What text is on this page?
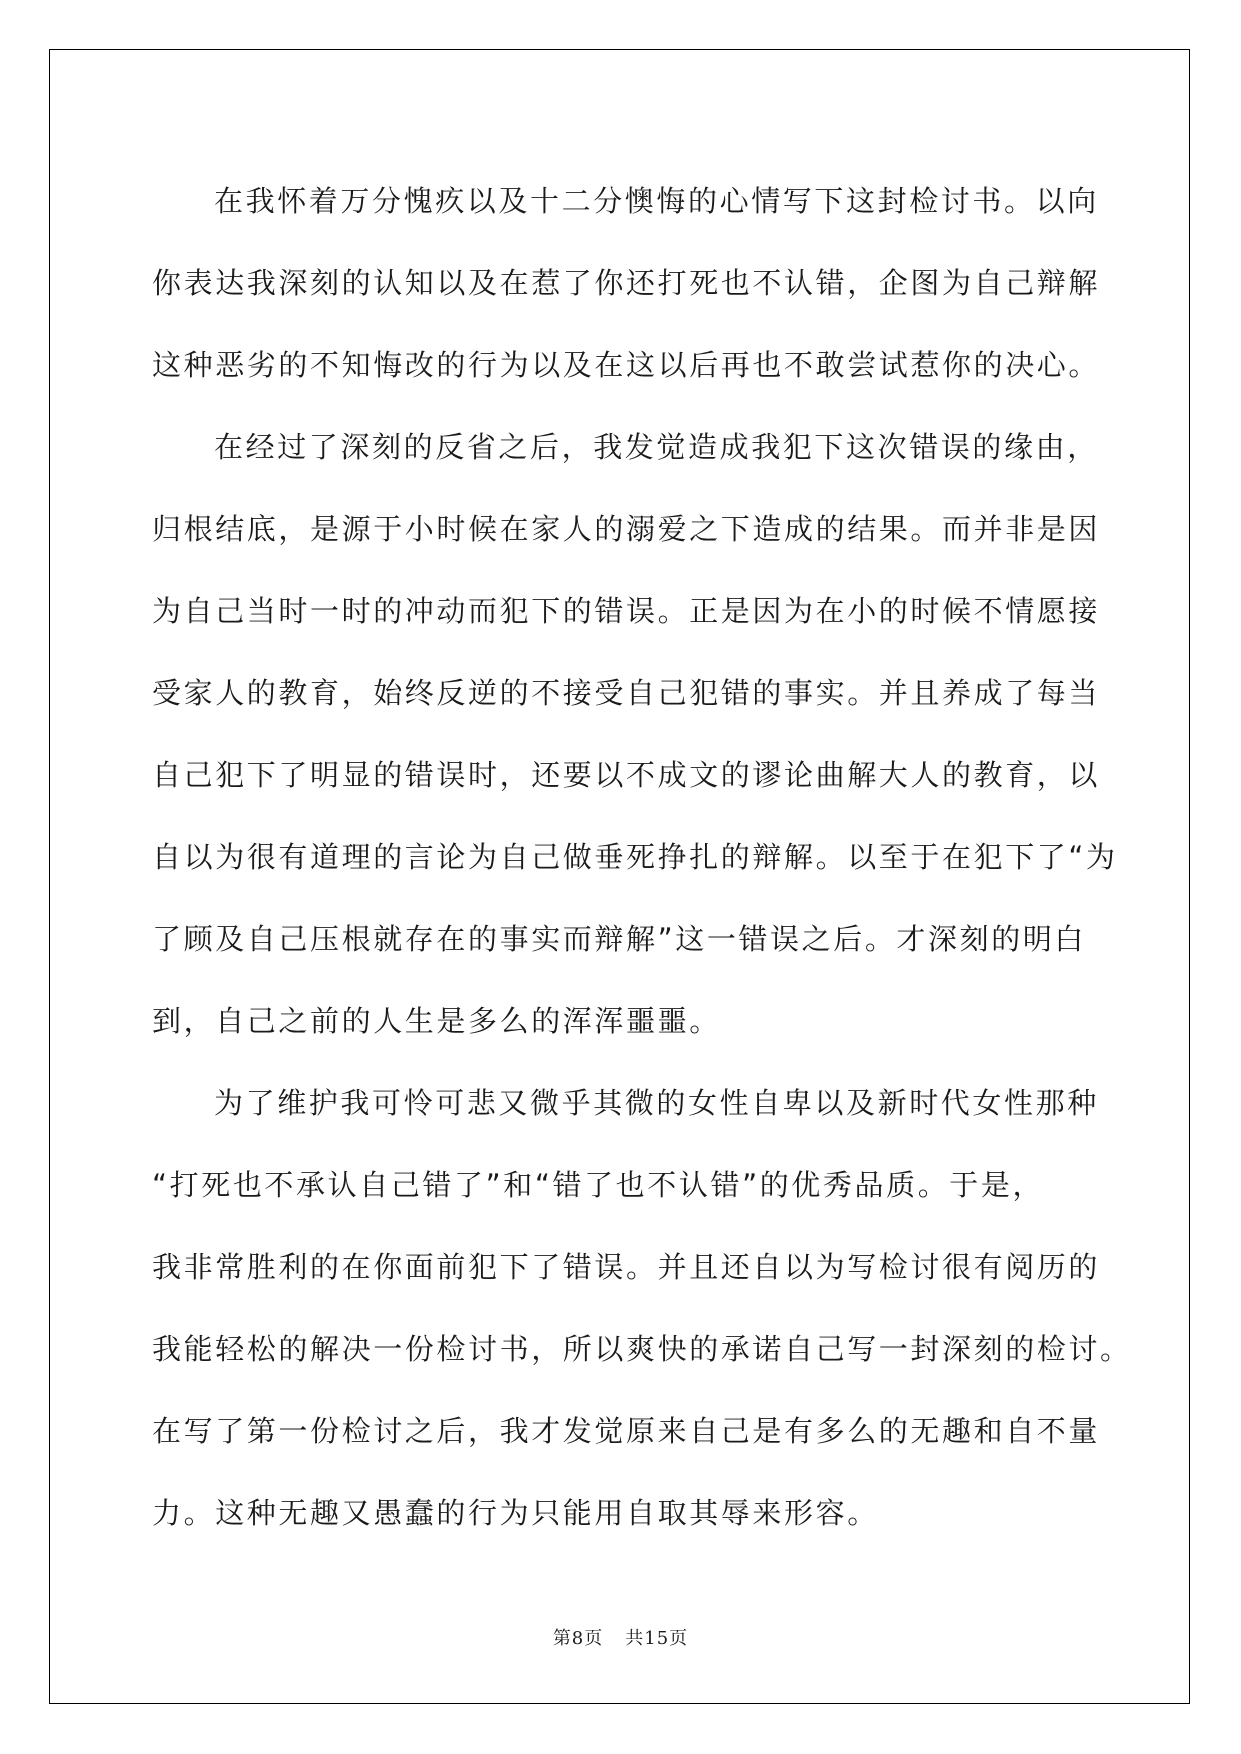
在我怀着万分愧疚以及十二分懊悔的心情写下这封检讨书。以向
你表达我深刻的认知以及在惹了你还打死也不认错，企图为自己辩解
这种恶劣的不知悔改的行为以及在这以后再也不敢尝试惹你的决心。
在经过了深刻的反省之后，我发觉造成我犯下这次错误的缘由，
归根结底，是源于小时候在家人的溺爱之下造成的结果。而并非是因
为自己当时一时的冲动而犯下的错误。正是因为在小的时候不情愿接
受家人的教育，始终反逆的不接受自己犯错的事实。并且养成了每当
自己犯下了明显的错误时，还要以不成文的谬论曲解大人的教育，以
自以为很有道理的言论为自己做垂死挣扎的辩解。以至于在犯下了“为
了顾及自己压根就存在的事实而辩解”这一错误之后。才深刻的明白
到，自己之前的人生是多么的浑浑噩噩。
为了维护我可怜可悲又微乎其微的女性自卑以及新时代女性那种
“打死也不承认自己错了”和“错了也不认错”的优秀品质。于是，
我非常胜利的在你面前犯下了错误。并且还自以为写检讨很有阅历的
我能轻松的解决一份检讨书，所以爽快的承诺自己写一封深刻的检讨。
在写了第一份检讨之后，我才发觉原来自己是有多么的无趣和自不量
力。这种无趣又愚蠢的行为只能用自取其辱来形容。
第8页 共15页
